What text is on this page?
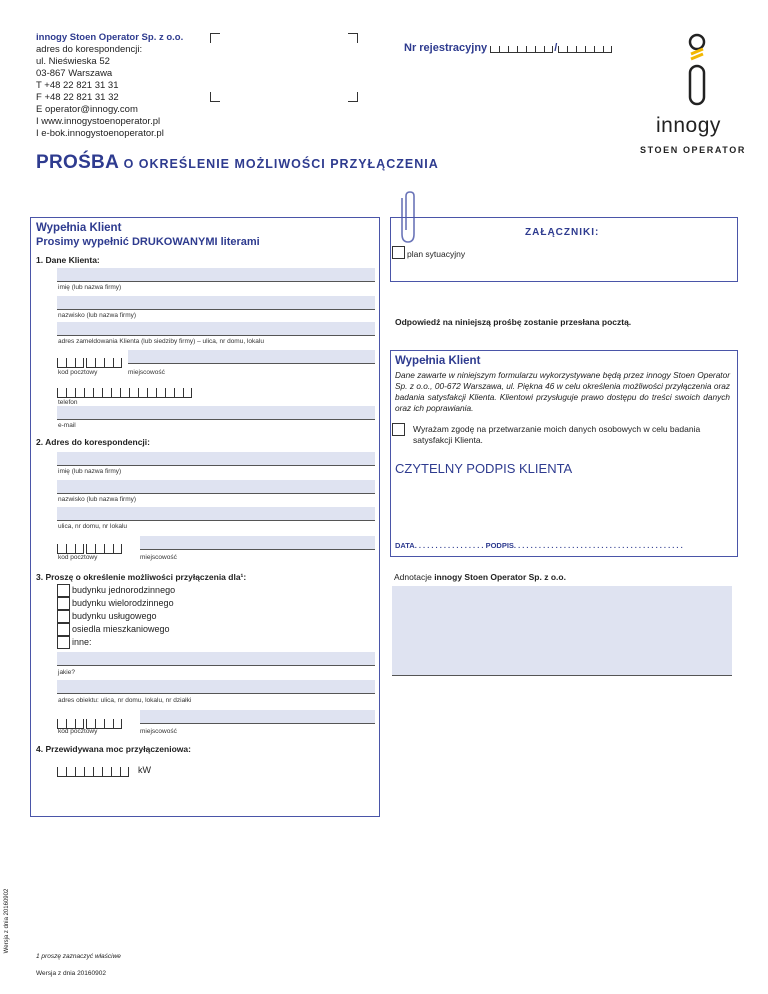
innogy Stoen Operator Sp. z o.o.
adres do korespondencji:
ul. Nieświeska 52
03-867 Warszawa
T +48 22 821 31 31
F +48 22 821 31 32
E operator@innogy.com
I www.innogystoenoperator.pl
I e-bok.innogystoenoperator.pl
Nr rejestracyjny	/
innogy
STOEN OPERATOR
PROŚBA O OKREŚLENIE MOŻLIWOŚCI PRZYŁĄCZENIA
Wypełnia Klient
Prosimy wypełnić DRUKOWANYMI literami
1. Dane Klienta:
imię (lub nazwa firmy)
nazwisko (lub nazwa firmy)
adres zameldowania Klienta (lub siedziby firmy) – ulica, nr domu, lokalu
kod pocztowy	miejscowość
telefon
e-mail
2. Adres do korespondencji:
imię (lub nazwa firmy)
nazwisko (lub nazwa firmy)
ulica, nr domu, nr lokalu
kod pocztowy	miejscowość
3. Proszę o określenie możliwości przyłączenia dla¹:
budynku jednorodzinnego
budynku wielorodzinnego
budynku usługowego
osiedla mieszkaniowego
inne:
jakie?
adres obiektu: ulica, nr domu, lokalu, nr działki
kod pocztowy	miejscowość
4. Przewidywana moc przyłączeniowa:
kW
ZAŁĄCZNIKI:
plan sytuacyjny
Odpowiedź na niniejszą prośbę zostanie przesłana pocztą.
Wypełnia Klient
Dane zawarte w niniejszym formularzu wykorzystywane będą przez innogy Stoen Operator Sp. z o.o., 00-672 Warszawa, ul. Piękna 46 w celu określenia możliwości przyłączenia oraz badania satysfakcji Klienta. Klientowi przysługuje prawo dostępu do treści swoich danych oraz ich poprawiania.
Wyrażam zgodę na przetwarzanie moich danych osobowych w celu badania satysfakcji Klienta.
CZYTELNY PODPIS KLIENTA
DATA. . . . . . . . . . . . . . . . . PODPIS. . . . . . . . . . . . . . . . . . . . . . . . . . . . . . . . . . . . . . . . .
Adnotacje innogy Stoen Operator Sp. z o.o.
Wersja z dnia 20160902
1 proszę zaznaczyć właściwe
Wersja z dnia 20160902
